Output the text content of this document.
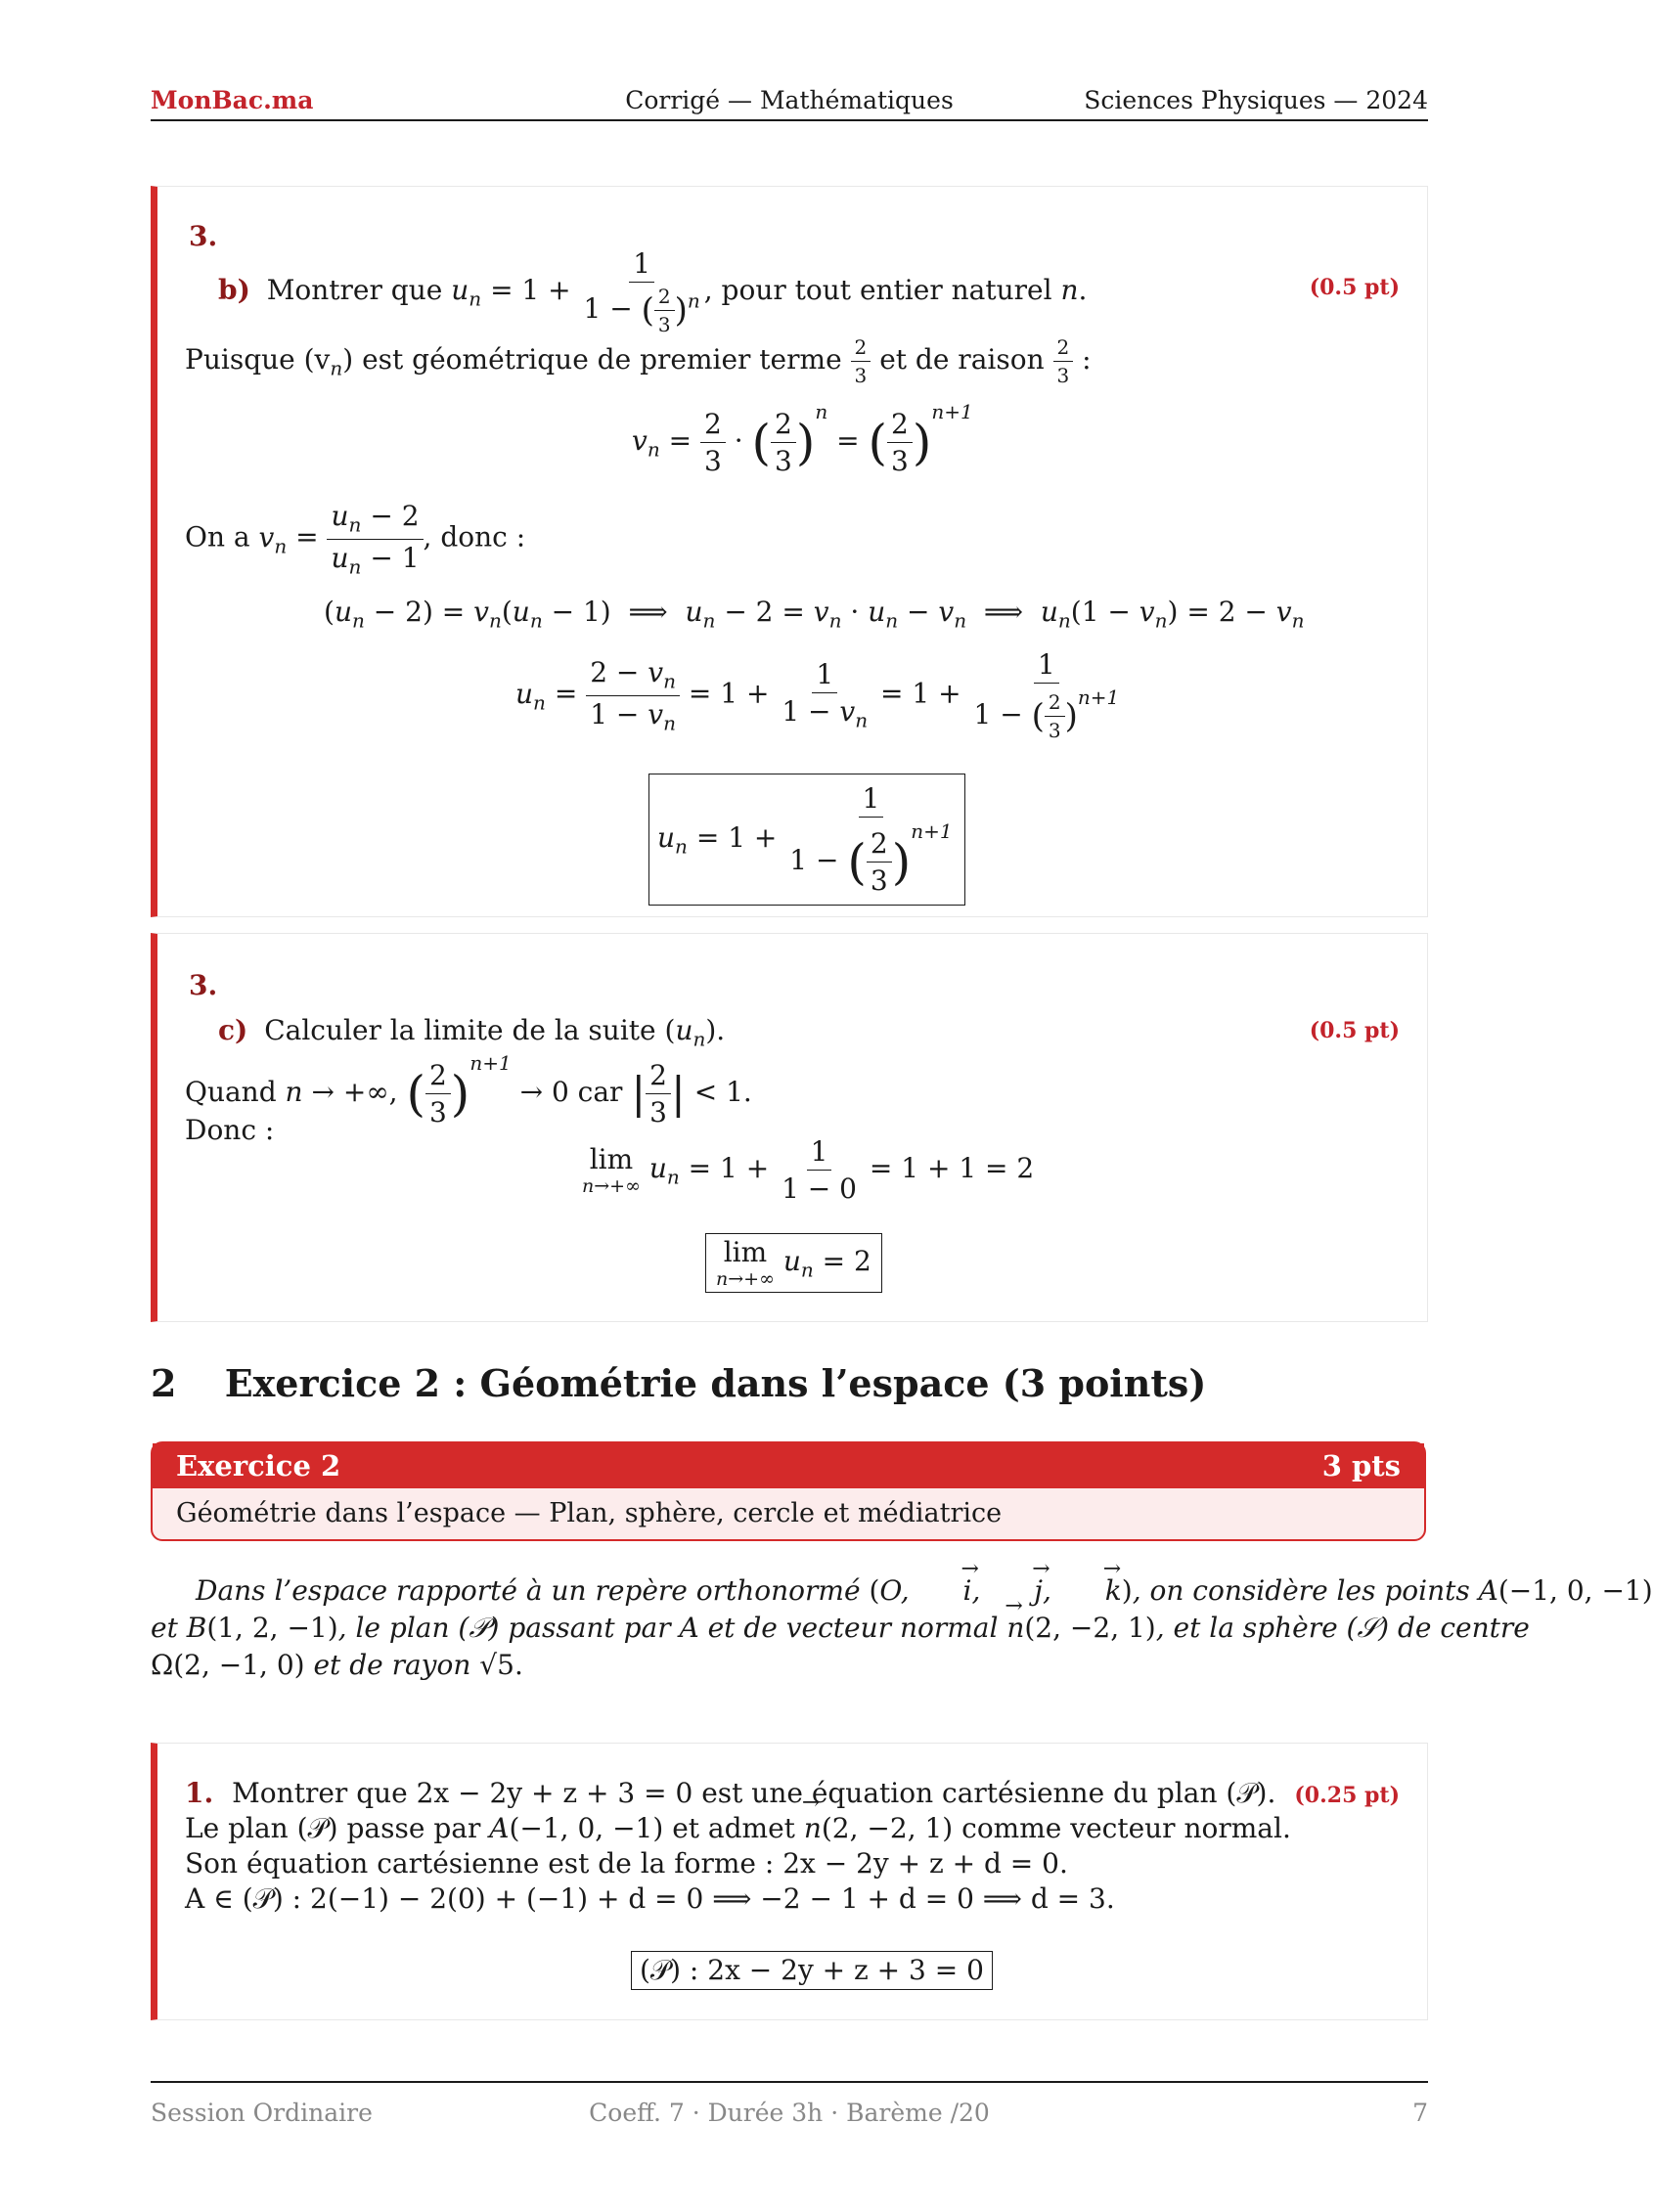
MonBac.ma	Corrigé — Mathématiques	Sciences Physiques — 2024
3.
b) Montrer que $u_n = 1 + \frac{1}{1 - ( \frac{2}{3} )^n}$ , pour tout entier naturel n.	(0.5 pt)
Puisque $(v_n)$ est géométrique de premier terme $\frac{2}{3}$ et de raison $\frac{2}{3}$ :
$v_n = \frac{2}{3}$ · ( $\frac{2}{3} )^n$ = ( $\frac{2}{3} )^{n+1}$
On a $v_n = \frac{u_n - 2}{u_n - 1}$ , donc :
$(u_n - 2) = v_n(u_n - 1)$  ⟹  $u_n - 2 = v_n \cdot u_n - v_n$  ⟹  $u_n(1 - v_n) = 2 - v_n$
$u_n = \frac{2 - v_n}{1 - v_n} = 1 + \frac{1}{1 - v_n} = 1 + \frac{1}{1 - ( \frac{2}{3} )^{n+1}}$
$u_n = 1 + \frac{1}{1 - ( \frac{2}{3} )^{n+1}}$
3.
c) Calculer la limite de la suite $(u_n)$.	(0.5 pt)
Quand n → +∞, ( $\frac{2}{3} )^{n+1} \to 0$ car | $\frac{2}{3}$ | < 1.
Donc :
lim
n→+∞
$u_n = 1 + \frac{1}{1 - 0} = 1 + 1 = 2$
lim
n→+∞
$u_n = 2$
2 Exercice 2 : Géométrie dans l’espace (3 points)
Exercice 2	3 pts
Géométrie dans l’espace — Plan, sphère, cercle et médiatrice
Dans l’espace rapporté à un repère orthonormé (O, → i, → j, → k), on considère les points A(−1, 0, −1)
et B(1, 2, −1), le plan (𝒫) passant par A et de vecteur normal → n(2, −2, 1), et la sphère (𝒮) de centre
Ω(2, −1, 0) et de rayon √5.
1. Montrer que 2x − 2y + z + 3 = 0 est une équation cartésienne du plan (𝒫). (0.25 pt)
Le plan (𝒫) passe par A(−1, 0, −1) et admet → n(2, −2, 1) comme vecteur normal.
Son équation cartésienne est de la forme : 2x − 2y + z + d = 0.
A ∈ (𝒫) : 2(−1) − 2(0) + (−1) + d = 0 ⟹ −2 − 1 + d = 0 ⟹ d = 3.
(𝒫) : 2x − 2y + z + 3 = 0
Session Ordinaire	Coeff. 7 · Durée 3h · Barème /20	7
